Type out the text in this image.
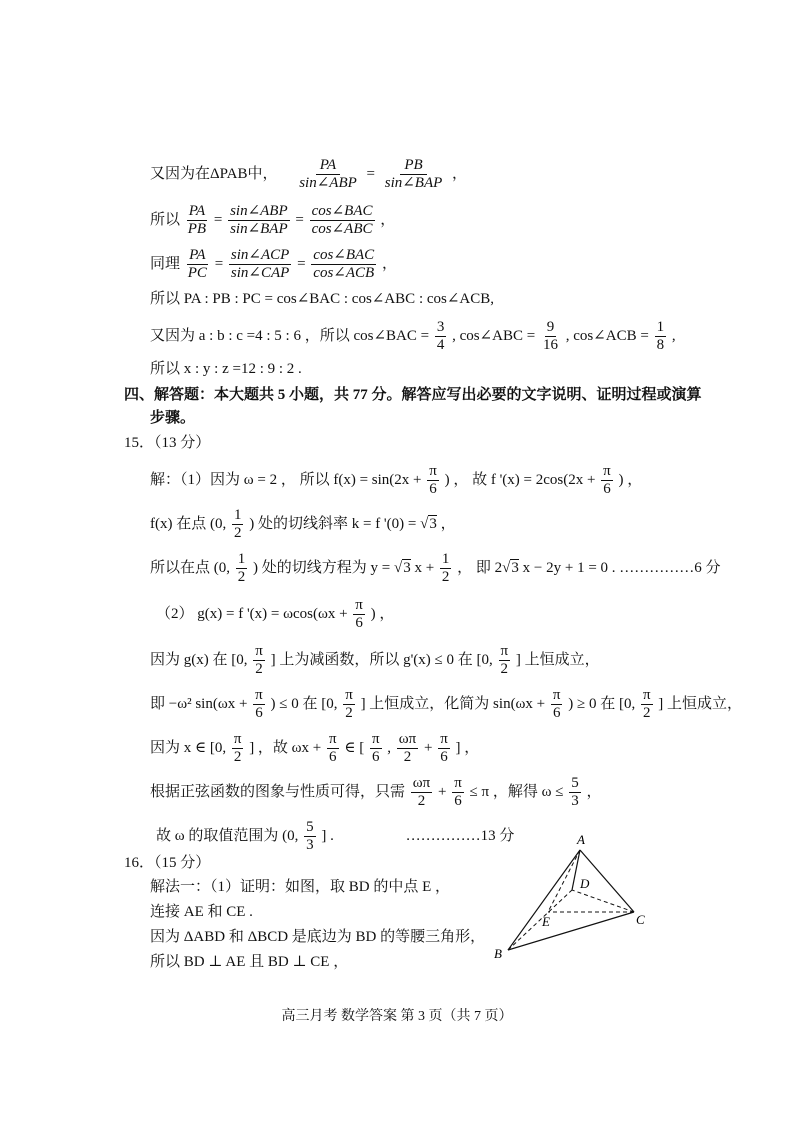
又因为在ΔPAB中， $\frac{PA}{\text{sin∠ABP}} = \frac{PB}{\text{sin∠BAP}}$ ，
所以 $\frac{PA}{PB} = \frac{\text{sin∠ABP}}{\text{sin∠BAP}} = \frac{\text{cos∠BAC}}{\text{cos∠ABC}}$ ，
同理 $\frac{PA}{PC} = \frac{\text{sin∠ACP}}{\text{sin∠CAP}} = \frac{\text{cos∠BAC}}{\text{cos∠ACB}}$ ，
所以 PA : PB : PC = cos∠BAC : cos∠ABC : cos∠ACB,
又因为 a : b : c =4 : 5 : 6 ，所以 cos∠BAC = $\frac{3}{4}$ , cos∠ABC = $\frac{9}{16}$ , cos∠ACB = $\frac{1}{8}$ ,
所以 x : y : z =12 : 9 : 2 .
四、解答题：本大题共 5 小题，共 77 分。解答应写出必要的文字说明、证明过程或演算
步骤。
15．（13 分）
解：（1）因为 ω = 2 ， 所以 $f(x) = \sin(2x + \frac{\pi}{6}$ ) ， 故 f '$(x) = 2\cos(2x + \frac{\pi}{6}$ ) ，
f(x) 在点 (0, $\frac{1}{2}$ ) 处的切线斜率 k = f '(0) = √3 ，
所以在点 (0, $\frac{1}{2}$ ) 处的切线方程为 y = √3 $x + \frac{1}{2}$ ， 即 2√3 x − 2y + 1 = 0 . ……………6 分
（2） g(x) = f '$(x) = \omega\cos(\omega x + \frac{\pi}{6}$ ) ，
因为 g(x) 在 [0, $\frac{\pi}{2}$ ] 上为减函数，所以 g'(x) ≤ 0 在 [0, $\frac{\pi}{2}$ ] 上恒成立，
即 −ω² $\sin(\omega x + \frac{\pi}{6}$ ) ≤ 0 在 [0, $\frac{\pi}{2}$ ] 上恒成立，化简为 $\sin(\omega x + \frac{\pi}{6}$ ) ≥ 0 在 [0, $\frac{\pi}{2}$ ] 上恒成立，
因为 x ∈ [0, $\frac{\pi}{2}$ ] ，故 $\omega x + \frac{\pi}{6}$ ∈ [ $\frac{\pi}{6}$ , $\frac{\omega\pi}{2} + \frac{\pi}{6}$ ] ，
根据正弦函数的图象与性质可得，只需 $\frac{\omega\pi}{2} + \frac{\pi}{6} \le \pi$ ，解得 $\omega \le \frac{5}{3}$ ，
故 ω 的取值范围为 (0, $\frac{5}{3}$ ] .	……………13 分
16．（15 分）
解法一：（1）证明：如图，取 BD 的中点 E ，
连接 AE 和 CE .
因为 ΔABD 和 ΔBCD 是底边为 BD 的等腰三角形，
所以 BD ⊥ AE 且 BD ⊥ CE ，
A
B
C
D
E
高三月考 数学答案 第 3 页（共 7 页）
